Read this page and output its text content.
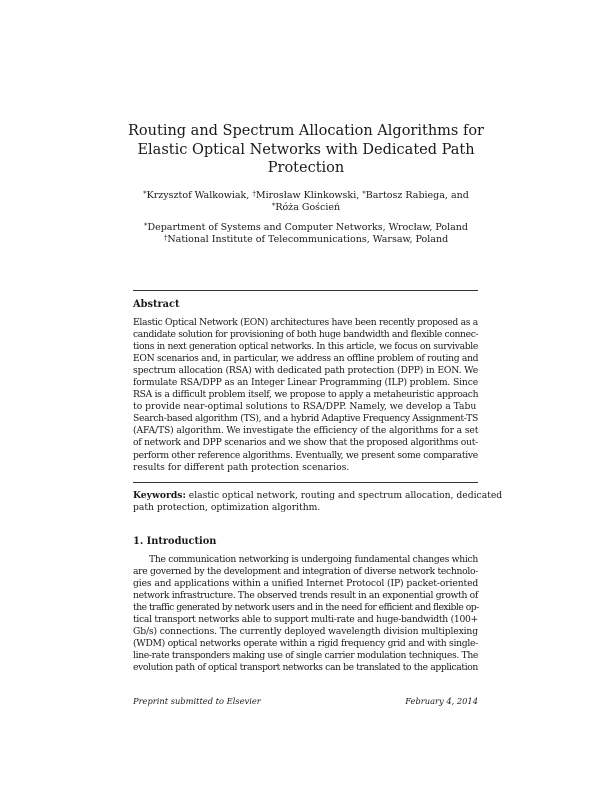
Routing and Spectrum Allocation Algorithms for
Elastic Optical Networks with Dedicated Path
Protection
*Krzysztof Walkowiak, †Mirosław Klinkowski, *Bartosz Rabiega, and *Róża Goścień
*Department of Systems and Computer Networks, Wrocław, Poland
†National Institute of Telecommunications, Warsaw, Poland
Abstract
Elastic Optical Network (EON) architectures have been recently proposed as a
candidate solution for provisioning of both huge bandwidth and flexible connec-
tions in next generation optical networks. In this article, we focus on survivable
EON scenarios and, in particular, we address an offline problem of routing and
spectrum allocation (RSA) with dedicated path protection (DPP) in EON. We
formulate RSA/DPP as an Integer Linear Programming (ILP) problem. Since
RSA is a difficult problem itself, we propose to apply a metaheuristic approach
to provide near-optimal solutions to RSA/DPP. Namely, we develop a Tabu
Search-based algorithm (TS), and a hybrid Adaptive Frequency Assignment-TS
(AFA/TS) algorithm. We investigate the efficiency of the algorithms for a set
of network and DPP scenarios and we show that the proposed algorithms out-
perform other reference algorithms. Eventually, we present some comparative
results for different path protection scenarios.
Keywords: elastic optical network, routing and spectrum allocation, dedicated
path protection, optimization algorithm.
1. Introduction
The communication networking is undergoing fundamental changes which
are governed by the development and integration of diverse network technolo-
gies and applications within a unified Internet Protocol (IP) packet-oriented
network infrastructure. The observed trends result in an exponential growth of
the traffic generated by network users and in the need for efficient and flexible op-
tical transport networks able to support multi-rate and huge-bandwidth (100+
Gb/s) connections. The currently deployed wavelength division multiplexing
(WDM) optical networks operate within a rigid frequency grid and with single-
line-rate transponders making use of single carrier modulation techniques. The
evolution path of optical transport networks can be translated to the application
Preprint submitted to Elsevier	February 4, 2014
